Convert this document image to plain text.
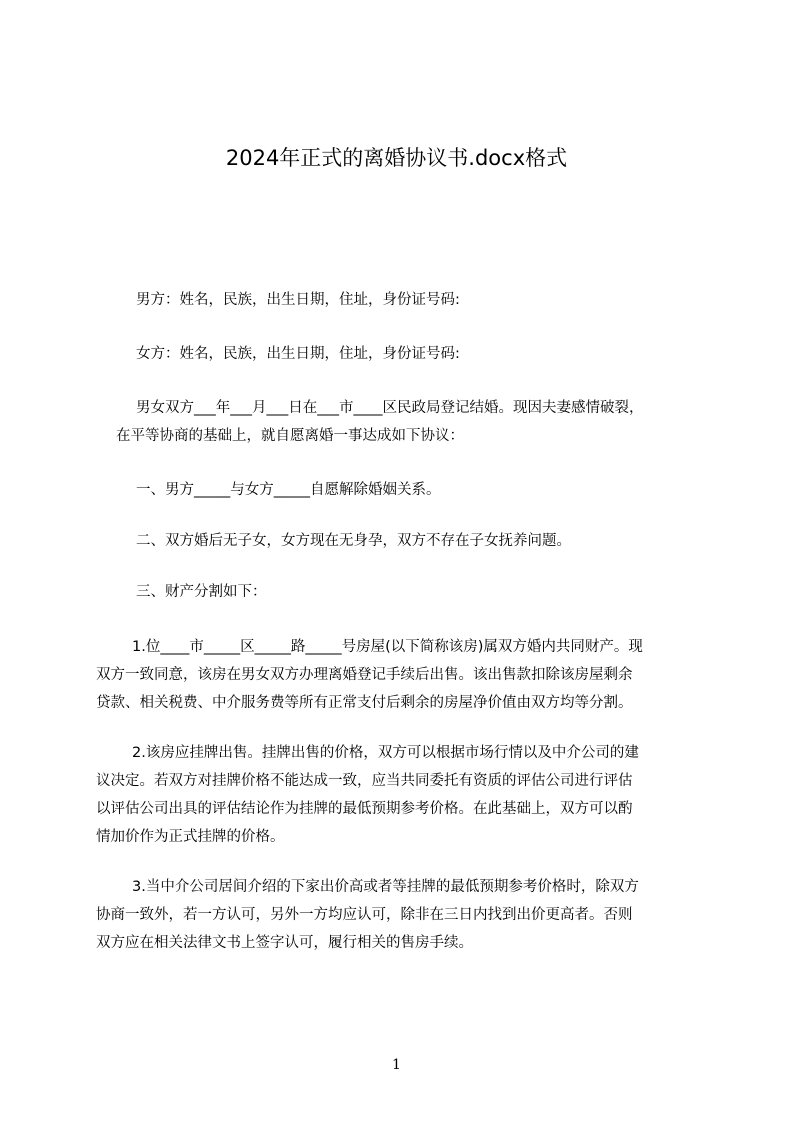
2024年正式的离婚协议书.docx格式
男方：姓名，民族，出生日期，住址，身份证号码:
女方：姓名，民族，出生日期，住址，身份证号码:
男女双方___年___月___日在___市____区民政局登记结婚。现因夫妻感情破裂，
在平等协商的基础上，就自愿离婚一事达成如下协议：
一、男方_____与女方_____自愿解除婚姻关系。
二、双方婚后无子女，女方现在无身孕，双方不存在子女抚养问题。
三、财产分割如下：
1.位____市_____区_____路_____号房屋(以下简称该房)属双方婚内共同财产。现
双方一致同意，该房在男女双方办理离婚登记手续后出售。该出售款扣除该房屋剩余
贷款、相关税费、中介服务费等所有正常支付后剩余的房屋净价值由双方均等分割。
2.该房应挂牌出售。挂牌出售的价格，双方可以根据市场行情以及中介公司的建
议决定。若双方对挂牌价格不能达成一致，应当共同委托有资质的评估公司进行评估
以评估公司出具的评估结论作为挂牌的最低预期参考价格。在此基础上，双方可以酌
情加价作为正式挂牌的价格。
3.当中介公司居间介绍的下家出价高或者等挂牌的最低预期参考价格时，除双方
协商一致外，若一方认可，另外一方均应认可，除非在三日内找到出价更高者。否则
双方应在相关法律文书上签字认可，履行相关的售房手续。
1
